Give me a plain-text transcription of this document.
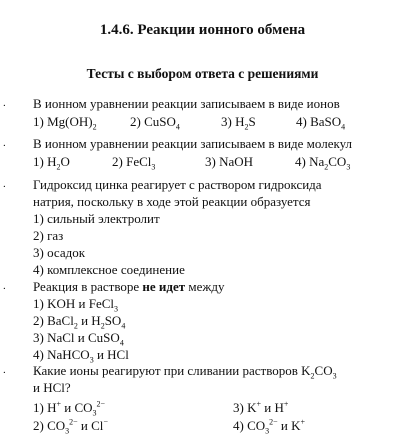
1.4.6. Реакции ионного обмена
Тесты с выбором ответа с решениями
. В ионном уравнении реакции записываем в виде ионов
1) $Mg(OH)_2$	2) CuSO$_4$	3) $H_2S$	4) BaSO$_4$
. В ионном уравнении реакции записываем в виде молекул
1) $H_2O$	2) FeCl$_3$	3) NaOH	4) $Na_2CO_3$
. Гидроксид цинка реагирует с раствором гидроксида
натрия, поскольку в ходе этой реакции образуется
1) сильный электролит
2) газ
3) осадок
4) комплексное соединение
. Реакция в растворе не идет между
1) KOH и FeCl$_3$
2) BaCl$_2$ и $H_2SO_4$
3) NaCl и CuSO$_4$
4) NaHCO$_3$ и HCl
. Какие ионы реагируют при сливании растворов $K_2CO_3$
и HCl?
1) H+ и $CO_3^{2-}$	3) K+ и H+
2) $CO_3^{2-}$ и Cl−	4) $CO_3^{2-}$ и K+
